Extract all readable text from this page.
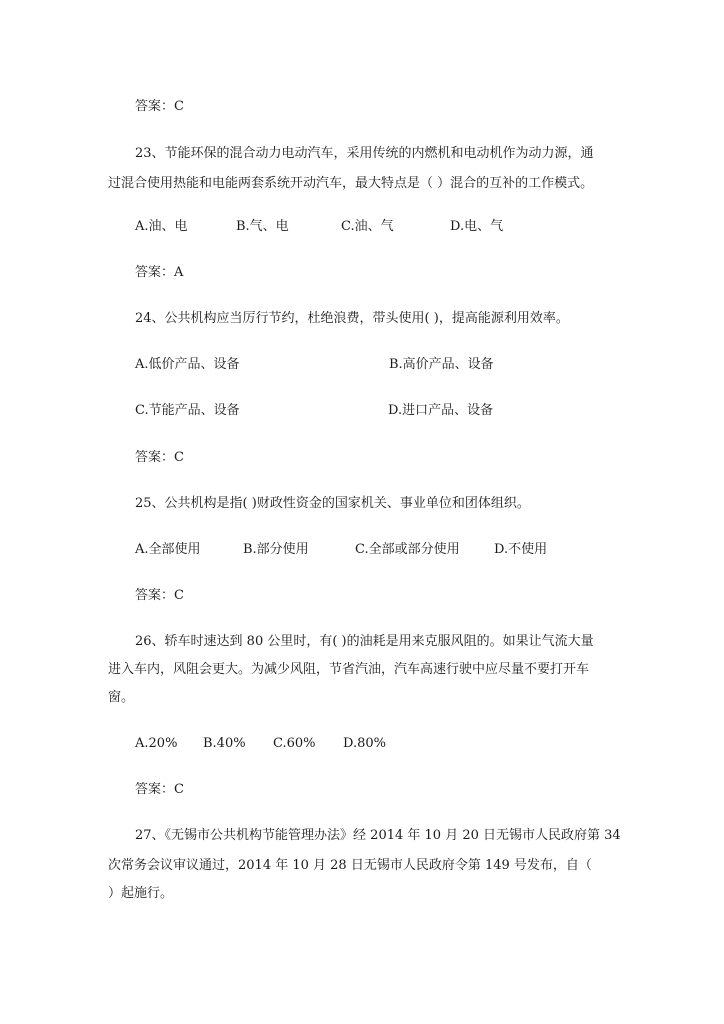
答案：C
23、节能环保的混合动力电动汽车，采用传统的内燃机和电动机作为动力源，通
过混合使用热能和电能两套系统开动汽车，最大特点是（ ）混合的互补的工作模式。
A.油、电	B.气、电	C.油、气	D.电、气
答案：A
24、公共机构应当厉行节约，杜绝浪费，带头使用( )，提高能源利用效率。
A.低价产品、设备	B.高价产品、设备
C.节能产品、设备	D.进口产品、设备
答案：C
25、公共机构是指( )财政性资金的国家机关、事业单位和团体组织。
A.全部使用	B.部分使用	C.全部或部分使用	D.不使用
答案：C
26、轿车时速达到 80 公里时，有( )的油耗是用来克服风阻的。如果让气流大量
进入车内，风阻会更大。为减少风阻，节省汽油，汽车高速行驶中应尽量不要打开车
窗。
A.20% B.40% C.60% D.80%
答案：C
27、《无锡市公共机构节能管理办法》经 2014 年 10 月 20 日无锡市人民政府第 34
次常务会议审议通过，2014 年 10 月 28 日无锡市人民政府令第 149 号发布，自（
）起施行。
